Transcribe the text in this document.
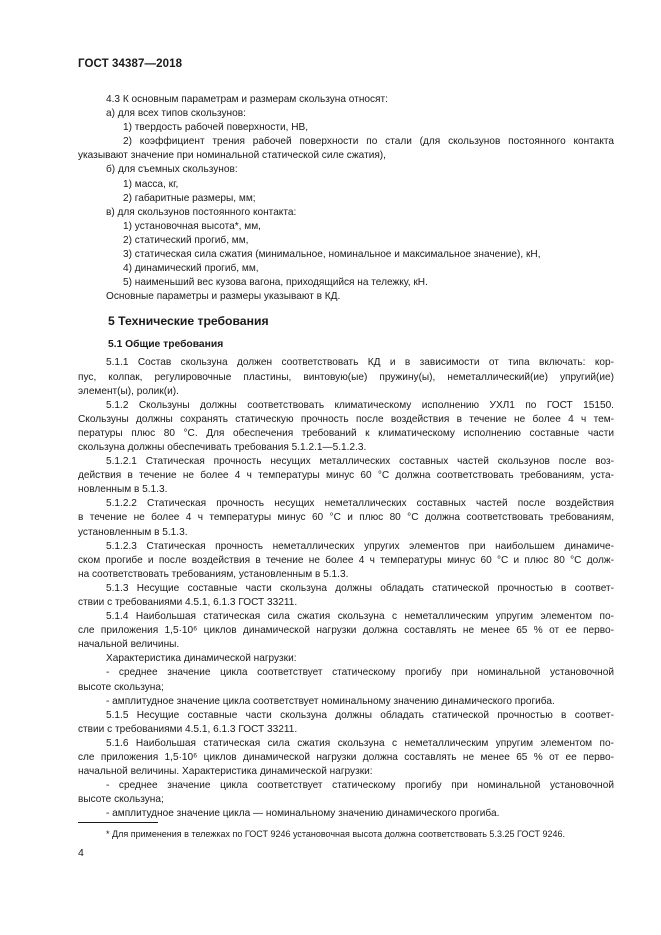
ГОСТ 34387—2018
4.3 К основным параметрам и размерам скользуна относят:
а) для всех типов скользунов:
1) твердость рабочей поверхности, НВ,
2) коэффициент трения рабочей поверхности по стали (для скользунов постоянного контакта
указывают значение при номинальной статической силе сжатия),
б) для съемных скользунов:
1) масса, кг,
2) габаритные размеры, мм;
в) для скользунов постоянного контакта:
1) установочная высота*, мм,
2) статический прогиб, мм,
3) статическая сила сжатия (минимальное, номинальное и максимальное значение), кН,
4) динамический прогиб, мм,
5) наименьший вес кузова вагона, приходящийся на тележку, кН.
Основные параметры и размеры указывают в КД.
5 Технические требования
5.1 Общие требования
5.1.1 Состав скользуна должен соответствовать КД и в зависимости от типа включать: кор-
пус, колпак, регулировочные пластины, винтовую(ые) пружину(ы), неметаллический(ие) упругий(ие)
элемент(ы), ролик(и).
5.1.2 Скользуны должны соответствовать климатическому исполнению УХЛ1 по ГОСТ 15150.
Скользуны должны сохранять статическую прочность после воздействия в течение не более 4 ч тем-
пературы плюс 80 °С. Для обеспечения требований к климатическому исполнению составные части
скользуна должны обеспечивать требования 5.1.2.1—5.1.2.3.
5.1.2.1 Статическая прочность несущих металлических составных частей скользунов после воз-
действия в течение не более 4 ч температуры минус 60 °С должна соответствовать требованиям, уста-
новленным в 5.1.3.
5.1.2.2 Статическая прочность несущих неметаллических составных частей после воздействия
в течение не более 4 ч температуры минус 60 °С и плюс 80 °С должна соответствовать требованиям,
установленным в 5.1.3.
5.1.2.3 Статическая прочность неметаллических упругих элементов при наибольшем динамиче-
ском прогибе и после воздействия в течение не более 4 ч температуры минус 60 °С и плюс 80 °С долж-
на соответствовать требованиям, установленным в 5.1.3.
5.1.3 Несущие составные части скользуна должны обладать статической прочностью в соответ-
ствии с требованиями 4.5.1, 6.1.3 ГОСТ 33211.
5.1.4 Наибольшая статическая сила сжатия скользуна с неметаллическим упругим элементом по-
сле приложения 1,5·10⁶ циклов динамической нагрузки должна составлять не менее 65 % от ее перво-
начальной величины.
Характеристика динамической нагрузки:
- среднее значение цикла соответствует статическому прогибу при номинальной установочной
высоте скользуна;
- амплитудное значение цикла соответствует номинальному значению динамического прогиба.
5.1.5 Несущие составные части скользуна должны обладать статической прочностью в соответ-
ствии с требованиями 4.5.1, 6.1.3 ГОСТ 33211.
5.1.6 Наибольшая статическая сила сжатия скользуна с неметаллическим упругим элементом по-
сле приложения 1,5·10⁶ циклов динамической нагрузки должна составлять не менее 65 % от ее перво-
начальной величины. Характеристика динамической нагрузки:
- среднее значение цикла соответствует статическому прогибу при номинальной установочной
высоте скользуна;
- амплитудное значение цикла — номинальному значению динамического прогиба.
* Для применения в тележках по ГОСТ 9246 установочная высота должна соответствовать 5.3.25 ГОСТ 9246.
4
